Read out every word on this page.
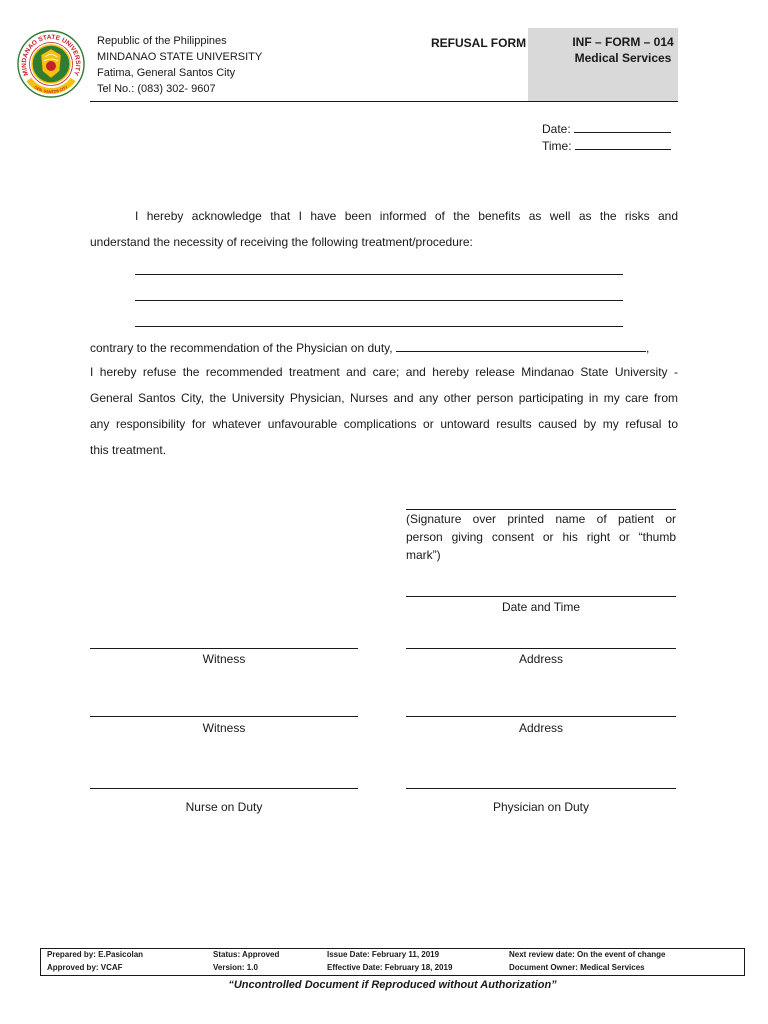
MINDANAO STATE UNIVERSITY
GEN. SANTOS CITY
Republic of the Philippines
MINDANAO STATE UNIVERSITY
Fatima, General Santos City
Tel No.: (083) 302- 9607
REFUSAL FORM	INF – FORM – 014
Medical Services
Date:
Time:
I hereby acknowledge that I have been informed of the benefits as well as the risks and
understand the necessity of receiving the following treatment/procedure:
contrary to the recommendation of the Physician on duty,	,
I hereby refuse the recommended treatment and care; and hereby release Mindanao State University -
General Santos City, the University Physician, Nurses and any other person participating in my care from
any responsibility for whatever unfavourable complications or untoward results caused by my refusal to
this treatment.
(Signature over printed name of patient or
person giving consent or his right or “thumb
mark”)
Date and Time
Witness	Address
Witness	Address
Nurse on Duty	Physician on Duty
Prepared by: E.Pasicolan	Status: Approved	Issue Date: February 11, 2019	Next review date: On the event of change
Approved by: VCAF	Version: 1.0	Effective Date: February 18, 2019	Document Owner: Medical Services
“Uncontrolled Document if Reproduced without Authorization”
